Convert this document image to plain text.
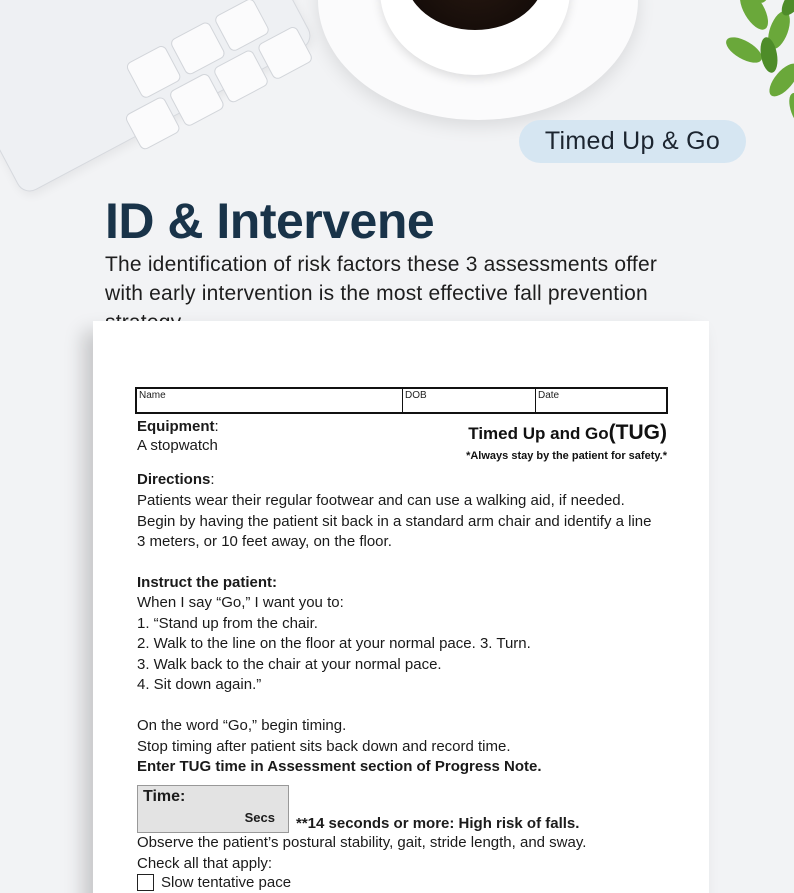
Timed Up & Go
ID & Intervene
The identification of risk factors these 3 assessments offer with early intervention is the most effective fall prevention
Name	DOB	Date
Timed Up and Go(TUG)
*Always stay by the patient for safety.*
Equipment:
A stopwatch
Directions:
Patients wear their regular footwear and can use a walking aid, if needed.
Begin by having the patient sit back in a standard arm chair and identify a line
3 meters, or 10 feet away, on the floor.
Instruct the patient:
When I say “Go,” I want you to:
1. “Stand up from the chair.
2. Walk to the line on the floor at your normal pace. 3. Turn.
3. Walk back to the chair at your normal pace.
4. Sit down again.”
On the word “Go,” begin timing.
Stop timing after patient sits back down and record time.
Enter TUG time in Assessment section of Progress Note.
Time:
Secs **14 seconds or more: High risk of falls.
Observe the patient’s postural stability, gait, stride length, and sway.
Check all that apply:
Slow tentative pace
